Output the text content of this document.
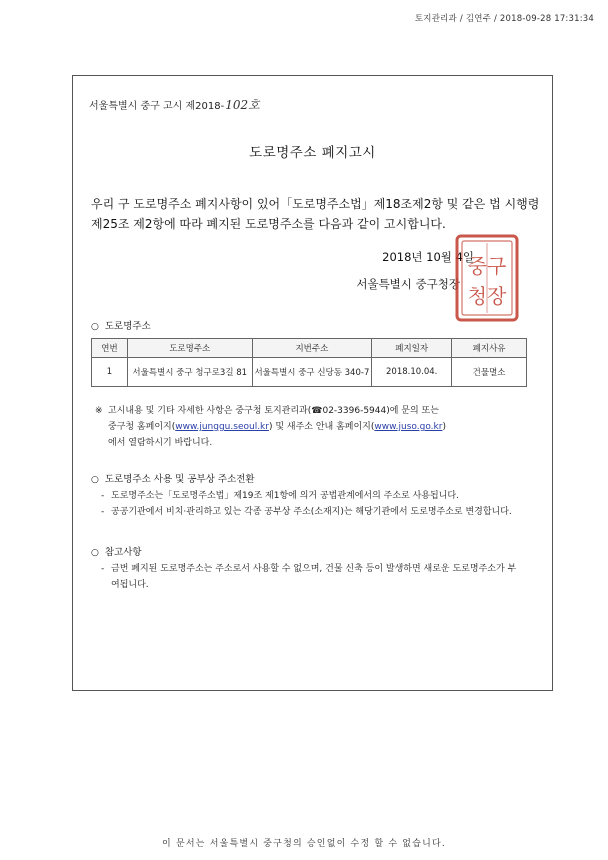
토지관리과 / 김연주 / 2018-09-28 17:31:34
서울특별시 중구 고시 제2018-102호
도로명주소 폐지고시

우리 구 도로명주소 폐지사항이 있어「도로명주소법」제18조제2항 및 같은 법 시행령

제25조 제2항에 따라 폐지된 도로명주소를 다음과 같이 고시합니다.

2018년 10월 4일
서울특별시 중구청장
중구
청장
○ 도로명주소
연번	도로명주소	지번주소	폐지일자	폐지사유
1	서울특별시 중구 청구로3길 81	서울특별시 중구 신당동 340-7	2018.10.04.	건물멸소
※ 고시내용 및 기타 자세한 사항은 중구청 토지관리과(☎02-3396-5944)에 문의 또는
중구청 홈페이지(www.junggu.seoul.kr) 및 새주소 안내 홈페이지(www.juso.go.kr)
에서 열람하시기 바랍니다.
○ 도로명주소 사용 및 공부상 주소전환
- 도로명주소는「도로명주소법」제19조 제1항에 의거 공법관계에서의 주소로 사용됩니다.
- 공공기관에서 비치·관리하고 있는 각종 공부상 주소(소재지)는 해당기관에서 도로명주소로 변경합니다.
○ 참고사항
- 금번 폐지된 도로명주소는 주소로서 사용할 수 없으며, 건물 신축 등이 발생하면 새로운 도로명주소가 부여됩니다.
이 문서는 서울특별시 중구청의 승인없이 수정 할 수 없습니다.
